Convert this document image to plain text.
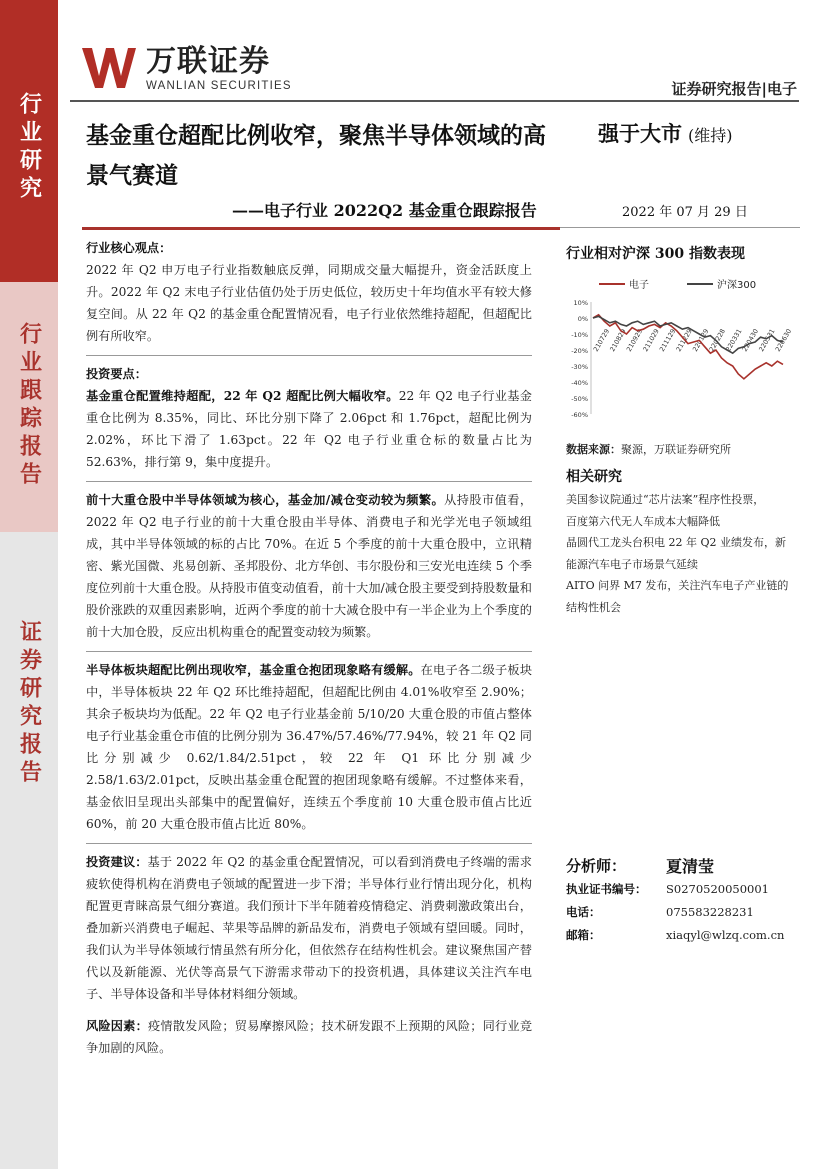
行业研究
行业跟踪报告
证券研究报告
万联证券
WANLIAN SECURITIES	证券研究报告|电子
基金重仓超配比例收窄，聚焦半导体领域的高景气赛道
——电子行业 2022Q2 基金重仓跟踪报告
强于大市 (维持)
2022 年 07 月 29 日

行业核心观点：

2022 年 Q2 申万电子行业指数触底反弹，同期成交量大幅提升，资金活跃度上升。2022 年 Q2 末电子行业估值仍处于历史低位，较历史十年均值水平有较大修复空间。从 22 年 Q2 的基金重仓配置情况看，电子行业依然维持超配，但超配比例有所收窄。

投资要点：

基金重仓配置维持超配，22 年 Q2 超配比例大幅收窄。22 年 Q2 电子行业基金重仓比例为 8.35%，同比、环比分别下降了 2.06pct 和 1.76pct，超配比例为 2.02%，环比下滑了 1.63pct。22 年 Q2 电子行业重仓标的数量占比为 52.63%，排行第 9，集中度提升。

前十大重仓股中半导体领域为核心，基金加/减仓变动较为频繁。从持股市值看，2022 年 Q2 电子行业的前十大重仓股由半导体、消费电子和光学光电子领域组成，其中半导体领域的标的占比 70%。在近 5 个季度的前十大重仓股中，立讯精密、紫光国微、兆易创新、圣邦股份、北方华创、韦尔股份和三安光电连续 5 个季度位列前十大重仓股。从持股市值变动值看，前十大加/减仓股主要受到持股数量和股价涨跌的双重因素影响，近两个季度的前十大减仓股中有一半企业为上个季度的前十大加仓股，反应出机构重仓的配置变动较为频繁。

半导体板块超配比例出现收窄，基金重仓抱团现象略有缓解。在电子各二级子板块中，半导体板块 22 年 Q2 环比维持超配，但超配比例由 4.01%收窄至 2.90%；其余子板块均为低配。22 年 Q2 电子行业基金前 5/10/20 大重仓股的市值占整体电子行业基金重仓市值的比例分别为 36.47%/57.46%/77.94%，较 21 年 Q2 同比分别减少 0.62/1.84/2.51pct，较 22 年 Q1 环比分别减少 2.58/1.63/2.01pct，反映出基金重仓配置的抱团现象略有缓解。不过整体来看，基金依旧呈现出头部集中的配置偏好，连续五个季度前 10 大重仓股市值占比近 60%，前 20 大重仓股市值占比近 80%。

投资建议：基于 2022 年 Q2 的基金重仓配置情况，可以看到消费电子终端的需求疲软使得机构在消费电子领域的配置进一步下滑；半导体行业行情出现分化，机构配置更青睐高景气细分赛道。我们预计下半年随着疫情稳定、消费刺激政策出台，叠加新兴消费电子崛起、苹果等品牌的新品发布，消费电子领域有望回暖。同时，我们认为半导体领域行情虽然有所分化，但依然存在结构性机会。建议聚焦国产替代以及新能源、光伏等高景气下游需求带动下的投资机遇，具体建议关注汽车电子、半导体设备和半导体材料细分领域。

风险因素：疫情散发风险；贸易摩擦风险；技术研发跟不上预期的风险；同行业竞争加剧的风险。

行业相对沪深 300 指数表现
电子	沪深300
10%
0%
-10%
-20%
-30%
-40%
-50%
-60%
210729
210829
210929
211029
211129
211229
220129
220228
220331
220430
220531
220630
数据来源：聚源，万联证券研究所
相关研究
美国参议院通过“芯片法案”程序性投票，
百度第六代无人车成本大幅降低
晶圆代工龙头台积电 22 年 Q2 业绩发布，新
能源汽车电子市场景气延续
AITO 问界 M7 发布，关注汽车电子产业链的
结构性机会
分析师：	夏清莹
执业证书编号：	S0270520050001
电话：	075583228231
邮箱：	xiaqyl@wlzq.com.cn
